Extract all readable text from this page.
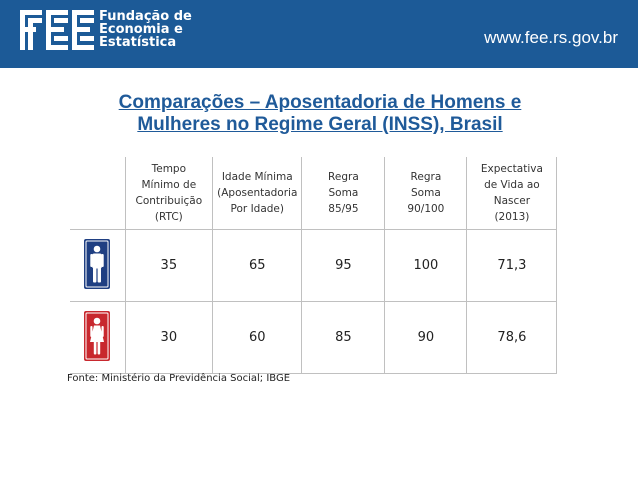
Fundação de
Economia e
Estatística	www.fee.rs.gov.br
Comparações – Aposentadoria de Homens e
Mulheres no Regime Geral (INSS), Brasil
	Tempo Mínimo de Contribuição (RTC)	Idade Mínima (Aposentadoria Por Idade)	Regra Soma 85/95	Regra Soma 90/100	Expectativa de Vida ao Nascer (2013)
	35	65	95	100	71,3
	30	60	85	90	78,6
Fonte: Ministério da Previdência Social; IBGE
